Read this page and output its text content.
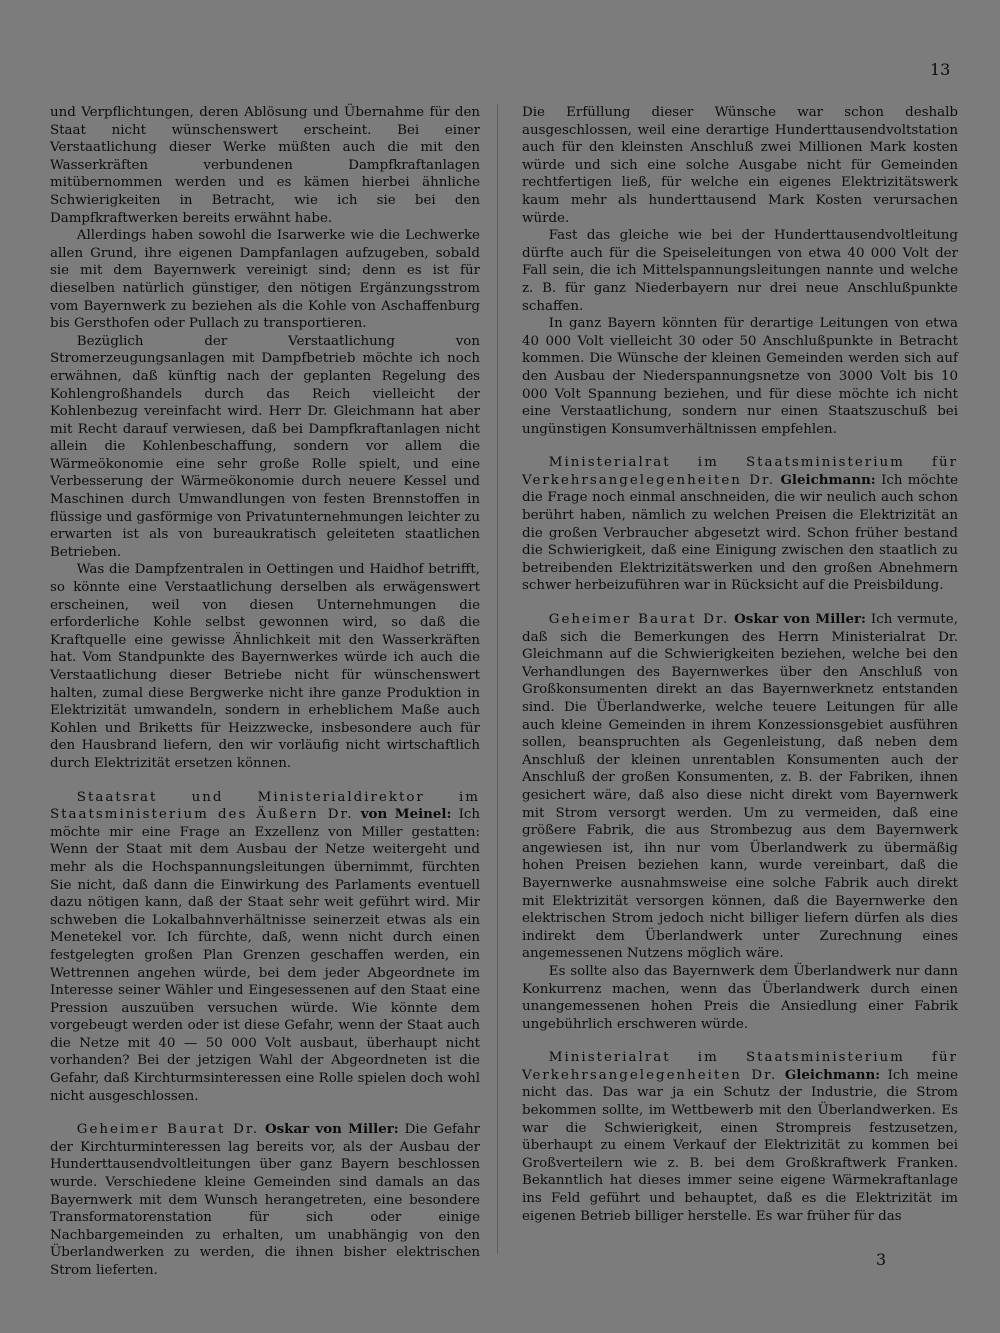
13

und Verpflichtungen, deren Ablösung und Übernahme für den Staat nicht wünschenswert erscheint. Bei einer Verstaatlichung dieser Werke müßten auch die mit den Wasserkräften verbundenen Dampfkraftanlagen mitübernommen werden und es kämen hierbei ähnliche Schwierigkeiten in Betracht, wie ich sie bei den Dampfkraftwerken bereits erwähnt habe.

Allerdings haben sowohl die Isarwerke wie die Lechwerke allen Grund, ihre eigenen Dampfanlagen aufzugeben, sobald sie mit dem Bayernwerk vereinigt sind; denn es ist für dieselben natürlich günstiger, den nötigen Ergänzungsstrom vom Bayernwerk zu beziehen als die Kohle von Aschaffenburg bis Gersthofen oder Pullach zu transportieren.

Bezüglich der Verstaatlichung von Stromerzeugungsanlagen mit Dampfbetrieb möchte ich noch erwähnen, daß künftig nach der geplanten Regelung des Kohlengroßhandels durch das Reich vielleicht der Kohlenbezug vereinfacht wird. Herr Dr. Gleichmann hat aber mit Recht darauf verwiesen, daß bei Dampfkraftanlagen nicht allein die Kohlenbeschaffung, sondern vor allem die Wärmeökonomie eine sehr große Rolle spielt, und eine Verbesserung der Wärmeökonomie durch neuere Kessel und Maschinen durch Umwandlungen von festen Brennstoffen in flüssige und gasförmige von Privatunternehmungen leichter zu erwarten ist als von bureaukratisch geleiteten staatlichen Betrieben.

Was die Dampfzentralen in Oettingen und Haidhof betrifft, so könnte eine Verstaatlichung derselben als erwägenswert erscheinen, weil von diesen Unternehmungen die erforderliche Kohle selbst gewonnen wird, so daß die Kraftquelle eine gewisse Ähnlichkeit mit den Wasserkräften hat. Vom Standpunkte des Bayernwerkes würde ich auch die Verstaatlichung dieser Betriebe nicht für wünschenswert halten, zumal diese Bergwerke nicht ihre ganze Produktion in Elektrizität umwandeln, sondern in erheblichem Maße auch Kohlen und Briketts für Heizzwecke, insbesondere auch für den Hausbrand liefern, den wir vorläufig nicht wirtschaftlich durch Elektrizität ersetzen können.

Staatsrat und Ministerialdirektor im Staatsministerium des Äußern Dr. von Meinel: Ich möchte mir eine Frage an Exzellenz von Miller gestatten: Wenn der Staat mit dem Ausbau der Netze weitergeht und mehr als die Hochspannungsleitungen übernimmt, fürchten Sie nicht, daß dann die Einwirkung des Parlaments eventuell dazu nötigen kann, daß der Staat sehr weit geführt wird. Mir schweben die Lokalbahnverhältnisse seinerzeit etwas als ein Menetekel vor. Ich fürchte, daß, wenn nicht durch einen festgelegten großen Plan Grenzen geschaffen werden, ein Wettrennen angehen würde, bei dem jeder Abgeordnete im Interesse seiner Wähler und Eingesessenen auf den Staat eine Pression auszuüben versuchen würde. Wie könnte dem vorgebeugt werden oder ist diese Gefahr, wenn der Staat auch die Netze mit 40 — 50 000 Volt ausbaut, überhaupt nicht vorhanden? Bei der jetzigen Wahl der Abgeordneten ist die Gefahr, daß Kirchturmsinteressen eine Rolle spielen doch wohl nicht ausgeschlossen.

Geheimer Baurat Dr. Oskar von Miller: Die Gefahr der Kirchturminteressen lag bereits vor, als der Ausbau der Hunderttausendvoltleitungen über ganz Bayern beschlossen wurde. Verschiedene kleine Gemeinden sind damals an das Bayernwerk mit dem Wunsch herangetreten, eine besondere Transformatorenstation für sich oder einige Nachbargemeinden zu erhalten, um unabhängig von den Überlandwerken zu werden, die ihnen bisher elektrischen Strom lieferten.

Die Erfüllung dieser Wünsche war schon deshalb ausgeschlossen, weil eine derartige Hunderttausendvoltstation auch für den kleinsten Anschluß zwei Millionen Mark kosten würde und sich eine solche Ausgabe nicht für Gemeinden rechtfertigen ließ, für welche ein eigenes Elektrizitätswerk kaum mehr als hunderttausend Mark Kosten verursachen würde.

Fast das gleiche wie bei der Hunderttausendvoltleitung dürfte auch für die Speiseleitungen von etwa 40 000 Volt der Fall sein, die ich Mittelspannungsleitungen nannte und welche z. B. für ganz Niederbayern nur drei neue Anschlußpunkte schaffen.

In ganz Bayern könnten für derartige Leitungen von etwa 40 000 Volt vielleicht 30 oder 50 Anschlußpunkte in Betracht kommen. Die Wünsche der kleinen Gemeinden werden sich auf den Ausbau der Niederspannungsnetze von 3000 Volt bis 10 000 Volt Spannung beziehen, und für diese möchte ich nicht eine Verstaatlichung, sondern nur einen Staatszuschuß bei ungünstigen Konsumverhältnissen empfehlen.

Ministerialrat im Staatsministerium für Verkehrsangelegenheiten Dr. Gleichmann: Ich möchte die Frage noch einmal anschneiden, die wir neulich auch schon berührt haben, nämlich zu welchen Preisen die Elektrizität an die großen Verbraucher abgesetzt wird. Schon früher bestand die Schwierigkeit, daß eine Einigung zwischen den staatlich zu betreibenden Elektrizitätswerken und den großen Abnehmern schwer herbeizuführen war in Rücksicht auf die Preisbildung.

Geheimer Baurat Dr. Oskar von Miller: Ich vermute, daß sich die Bemerkungen des Herrn Ministerialrat Dr. Gleichmann auf die Schwierigkeiten beziehen, welche bei den Verhandlungen des Bayernwerkes über den Anschluß von Großkonsumenten direkt an das Bayernwerknetz entstanden sind. Die Überlandwerke, welche teuere Leitungen für alle auch kleine Gemeinden in ihrem Konzessionsgebiet ausführen sollen, beanspruchten als Gegenleistung, daß neben dem Anschluß der kleinen unrentablen Konsumenten auch der Anschluß der großen Konsumenten, z. B. der Fabriken, ihnen gesichert wäre, daß also diese nicht direkt vom Bayernwerk mit Strom versorgt werden. Um zu vermeiden, daß eine größere Fabrik, die aus Strombezug aus dem Bayernwerk angewiesen ist, ihn nur vom Überlandwerk zu übermäßig hohen Preisen beziehen kann, wurde vereinbart, daß die Bayernwerke ausnahmsweise eine solche Fabrik auch direkt mit Elektrizität versorgen können, daß die Bayernwerke den elektrischen Strom jedoch nicht billiger liefern dürfen als dies indirekt dem Überlandwerk unter Zurechnung eines angemessenen Nutzens möglich wäre.

Es sollte also das Bayernwerk dem Überlandwerk nur dann Konkurrenz machen, wenn das Überlandwerk durch einen unangemessenen hohen Preis die Ansiedlung einer Fabrik ungebührlich erschweren würde.

Ministerialrat im Staatsministerium für Verkehrsangelegenheiten Dr. Gleichmann: Ich meine nicht das. Das war ja ein Schutz der Industrie, die Strom bekommen sollte, im Wettbewerb mit den Überlandwerken. Es war die Schwierigkeit, einen Strompreis festzusetzen, überhaupt zu einem Verkauf der Elektrizität zu kommen bei Großverteilern wie z. B. bei dem Großkraftwerk Franken. Bekanntlich hat dieses immer seine eigene Wärmekraftanlage ins Feld geführt und behauptet, daß es die Elektrizität im eigenen Betrieb billiger herstelle. Es war früher für das

3
